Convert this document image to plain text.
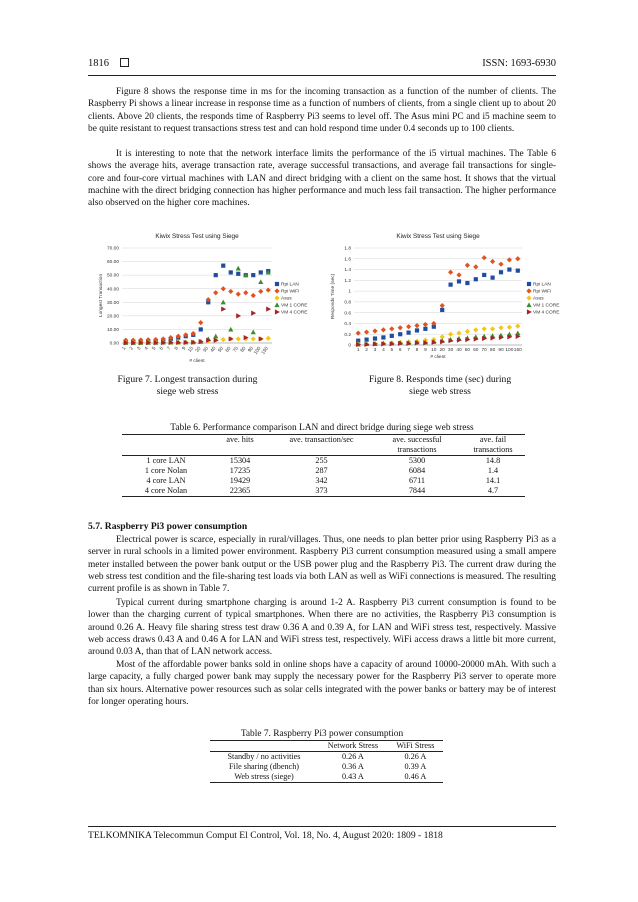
1816	ISSN: 1693-6930
Figure 8 shows the response time in ms for the incoming transaction as a function of the number of clients. The Raspberry Pi shows a linear increase in response time as a function of numbers of clients, from a single client up to about 20 clients. Above 20 clients, the responds time of Raspberry Pi3 seems to level off. The Asus mini PC and i5 machine seem to be quite resistant to request transactions stress test and can hold respond time under 0.4 seconds up to 100 clients.
It is interesting to note that the network interface limits the performance of the i5 virtual machines. The Table 6 shows the average hits, average transaction rate, average successful transactions, and average fail transactions for single-core and four-core virtual machines with LAN and direct bridging with a client on the same host. It shows that the virtual machine with the direct bridging connection has higher performance and much less fail transaction. The higher performance also observed on the higher core machines.
Kiwix Stress Test using Siege
0.00
10.00
20.00
30.00
40.00
50.00
60.00
70.00
1 2 3 4 5 6 7 8 9 10 20 30 40 50 60 70 80 90
100
150
# client
Longest Transaction	Rpi LAN
Rpi WiFi
Asus
VM 1 CORE
VM 4 CORE
Kiwix Stress Test using Siege
0
0.2
0.4
0.6
0.8
1
1.2
1.4
1.6
1.8
1 2 3 4 5 6 7 8 9 10 20 30 40 50 60 70 80 90 100 150
# client
Responds Time (sec)	Rpi LAN
Rpi WiFi
Asus
VM 1 CORE
VM 4 CORE
Figure 7. Longest transaction during
siege web stress
Figure 8. Responds time (sec) during
siege web stress
Table 6. Performance comparison LAN and direct bridge during siege web stress
	ave. hits	ave. transaction/sec	ave. successful transactions	ave. fail transactions
1 core LAN	15304	255	5300	14.8
1 core Nolan	17235	287	6084	1.4
4 core LAN	19429	342	6711	14.1
4 core Nolan	22365	373	7844	4.7
5.7. Raspberry Pi3 power consumption
Electrical power is scarce, especially in rural/villages. Thus, one needs to plan better prior using Raspberry Pi3 as a server in rural schools in a limited power environment. Raspberry Pi3 current consumption measured using a small ampere meter installed between the power bank output or the USB power plug and the Raspberry Pi3. The current draw during the web stress test condition and the file-sharing test loads via both LAN as well as WiFi connections is measured. The resulting current profile is as shown in Table 7.
Typical current during smartphone charging is around 1-2 A. Raspberry Pi3 current consumption is found to be lower than the charging current of typical smartphones. When there are no activities, the Raspberry Pi3 consumption is around 0.26 A. Heavy file sharing stress test draw 0.36 A and 0.39 A, for LAN and WiFi stress test, respectively. Massive web access draws 0.43 A and 0.46 A for LAN and WiFi stress test, respectively. WiFi access draws a little bit more current, around 0.03 A, than that of LAN network access.
Most of the affordable power banks sold in online shops have a capacity of around 10000-20000 mAh. With such a large capacity, a fully charged power bank may supply the necessary power for the Raspberry Pi3 server to operate more than six hours. Alternative power resources such as solar cells integrated with the power banks or battery may be of interest for longer operating hours.
Table 7. Raspberry Pi3 power consumption
	Network Stress	WiFi Stress
Standby / no activities	0.26 A	0.26 A
File sharing (dbench)	0.36 A	0.39 A
Web stress (siege)	0.43 A	0.46 A
TELKOMNIKA Telecommun Comput El Control, Vol. 18, No. 4, August 2020: 1809 - 1818
